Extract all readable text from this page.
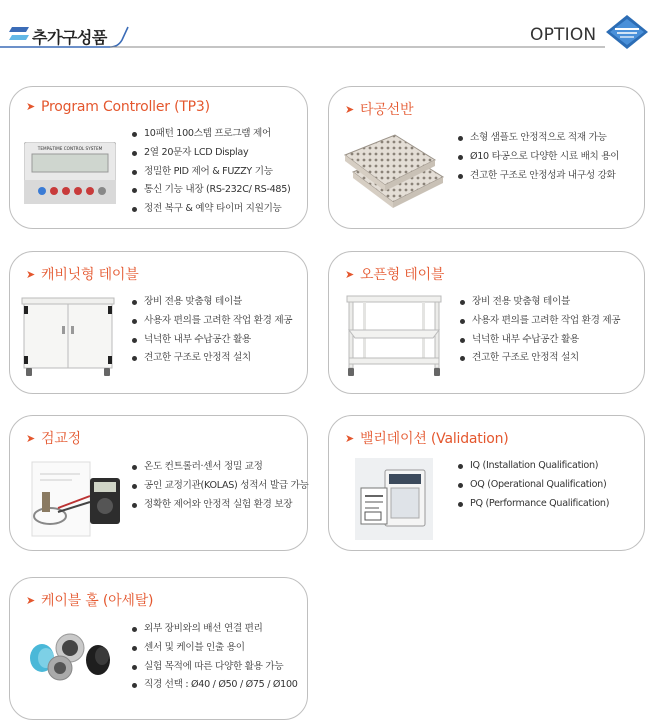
추가구성품	OPTION
➤ Program Controller (TP3)
TEMP&TIME CONTROL SYSTEM
10패턴 100스텝 프로그램 제어
2열 20문자 LCD Display
정밀한 PID 제어 & FUZZY 기능
통신 기능 내장 (RS-232C/ RS-485)
정전 복구 & 예약 타이머 지원기능
➤ 타공선반
소형 샘플도 안정적으로 적재 가능
Ø10 타공으로 다양한 시료 배치 용이
견고한 구조로 안정성과 내구성 강화
➤ 캐비닛형 테이블
장비 전용 맞춤형 테이블
사용자 편의를 고려한 작업 환경 제공
넉넉한 내부 수납공간 활용
견고한 구조로 안정적 설치
➤ 오픈형 테이블
장비 전용 맞춤형 테이블
사용자 편의를 고려한 작업 환경 제공
넉넉한 내부 수납공간 활용
견고한 구조로 안정적 설치
➤ 검교정
온도 컨트롤러·센서 정밀 교정
공인 교정기관(KOLAS) 성적서 발급 가능
정확한 제어와 안정적 실험 환경 보장
➤ 밸리데이션 (Validation)
IQ (Installation Qualification)
OQ (Operational Qualification)
PQ (Performance Qualification)
➤ 케이블 홀 (아세탈)
외부 장비와의 배선 연결 편리
센서 및 케이블 인출 용이
실험 목적에 따른 다양한 활용 가능
직경 선택 : Ø40 / Ø50 / Ø75 / Ø100
